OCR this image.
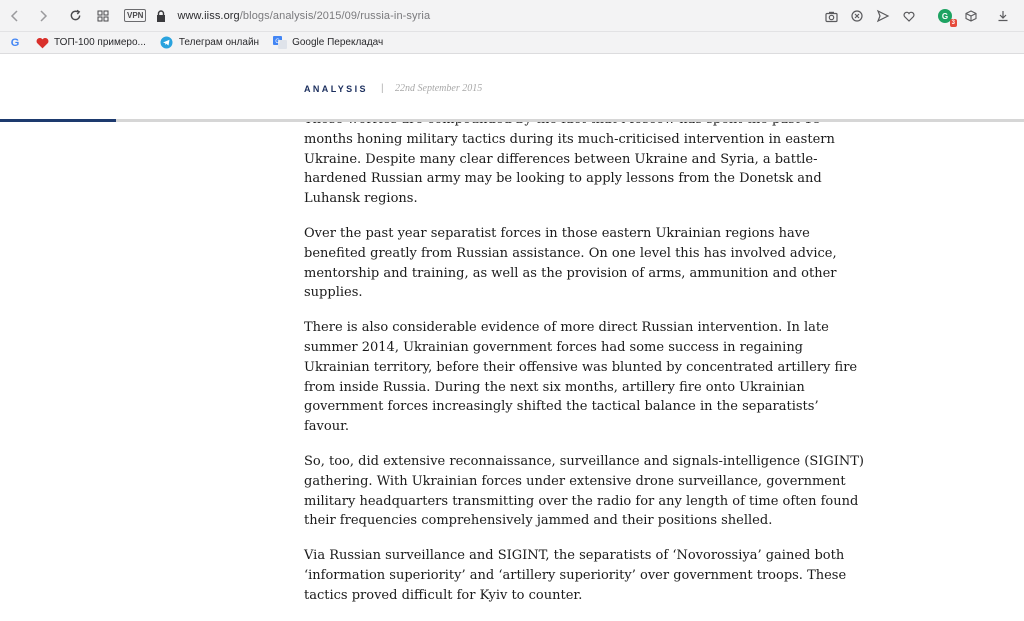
VPN	www.iiss.org/blogs/analysis/2015/09/russia-in-syria	G
3
G	ТОП-100 примеро...	Телеграм онлайн	G Google Перекладач

months honing military tactics during its much-criticised intervention in eastern Ukraine. Despite many clear differences between Ukraine and Syria, a battle-hardened Russian army may be looking to apply lessons from the Donetsk and Luhansk regions.

Over the past year separatist forces in those eastern Ukrainian regions have benefited greatly from Russian assistance. On one level this has involved advice, mentorship and training, as well as the provision of arms, ammunition and other supplies.

There is also considerable evidence of more direct Russian intervention. In late summer 2014, Ukrainian government forces had some success in regaining Ukrainian territory, before their offensive was blunted by concentrated artillery fire from inside Russia. During the next six months, artillery fire onto Ukrainian government forces increasingly shifted the tactical balance in the separatists’ favour.

So, too, did extensive reconnaissance, surveillance and signals-intelligence (SIGINT) gathering. With Ukrainian forces under extensive drone surveillance, government military headquarters transmitting over the radio for any length of time often found their frequencies comprehensively jammed and their positions shelled.

Via Russian surveillance and SIGINT, the separatists of ‘Novorossiya’ gained both ‘information superiority’ and ‘artillery superiority’ over government troops. These tactics proved difficult for Kyiv to counter.

ANALYSIS | 22nd September 2015
